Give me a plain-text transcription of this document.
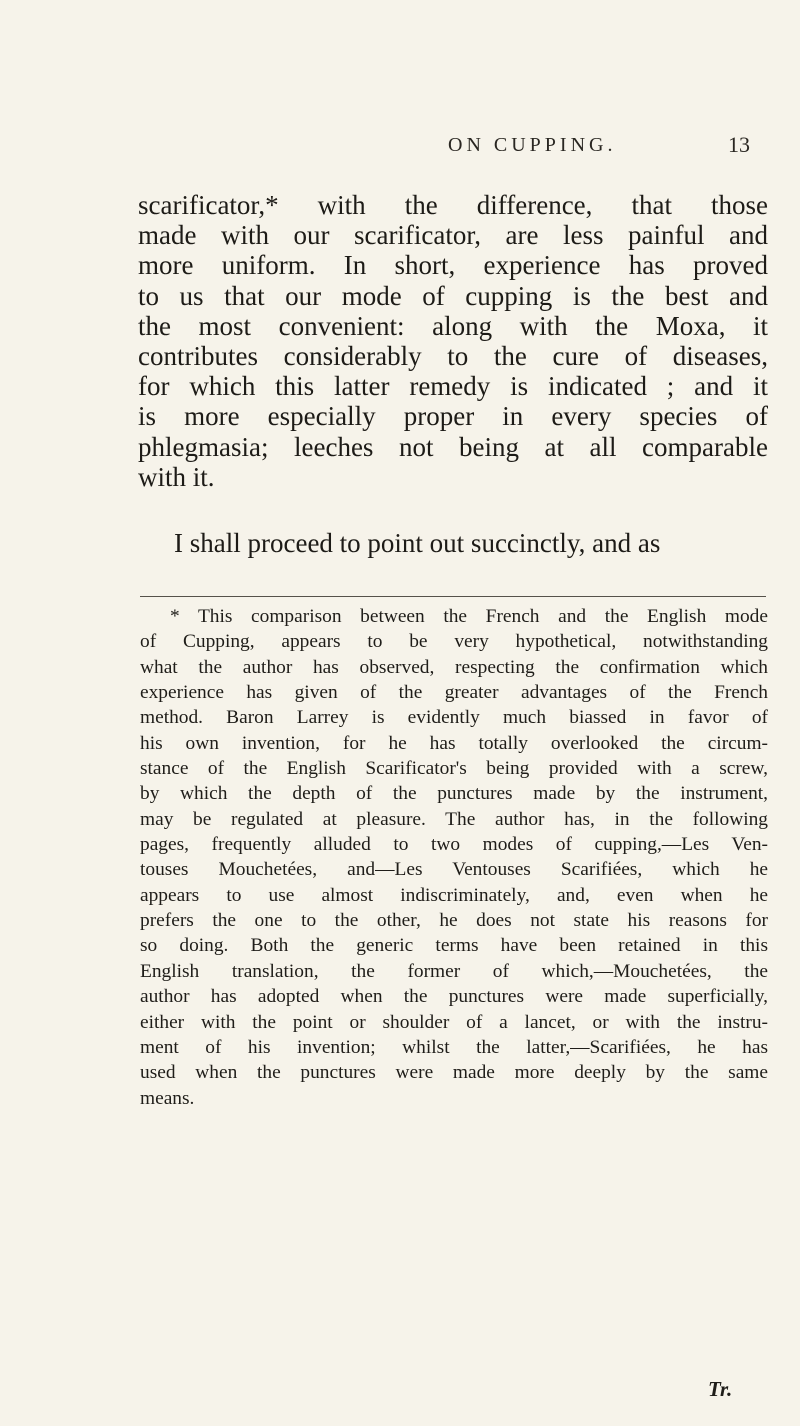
ON CUPPING.	13
scarificator,* with the difference, that those
made with our scarificator, are less painful and
more uniform. In short, experience has proved
to us that our mode of cupping is the best and
the most convenient: along with the Moxa, it
contributes considerably to the cure of diseases,
for which this latter remedy is indicated ; and it
is more especially proper in every species of
phlegmasia; leeches not being at all comparable
with it.
I shall proceed to point out succinctly, and as
* This comparison between the French and the English mode
of Cupping, appears to be very hypothetical, notwithstanding
what the author has observed, respecting the confirmation which
experience has given of the greater advantages of the French
method. Baron Larrey is evidently much biassed in favor of
his own invention, for he has totally overlooked the circum-
stance of the English Scarificator's being provided with a screw,
by which the depth of the punctures made by the instrument,
may be regulated at pleasure. The author has, in the following
pages, frequently alluded to two modes of cupping,—Les Ven-
touses Mouchetées, and—Les Ventouses Scarifiées, which he
appears to use almost indiscriminately, and, even when he
prefers the one to the other, he does not state his reasons for
so doing. Both the generic terms have been retained in this
English translation, the former of which,—Mouchetées, the
author has adopted when the punctures were made superficially,
either with the point or shoulder of a lancet, or with the instru-
ment of his invention; whilst the latter,—Scarifiées, he has
used when the punctures were made more deeply by the same
means.
Tr.
